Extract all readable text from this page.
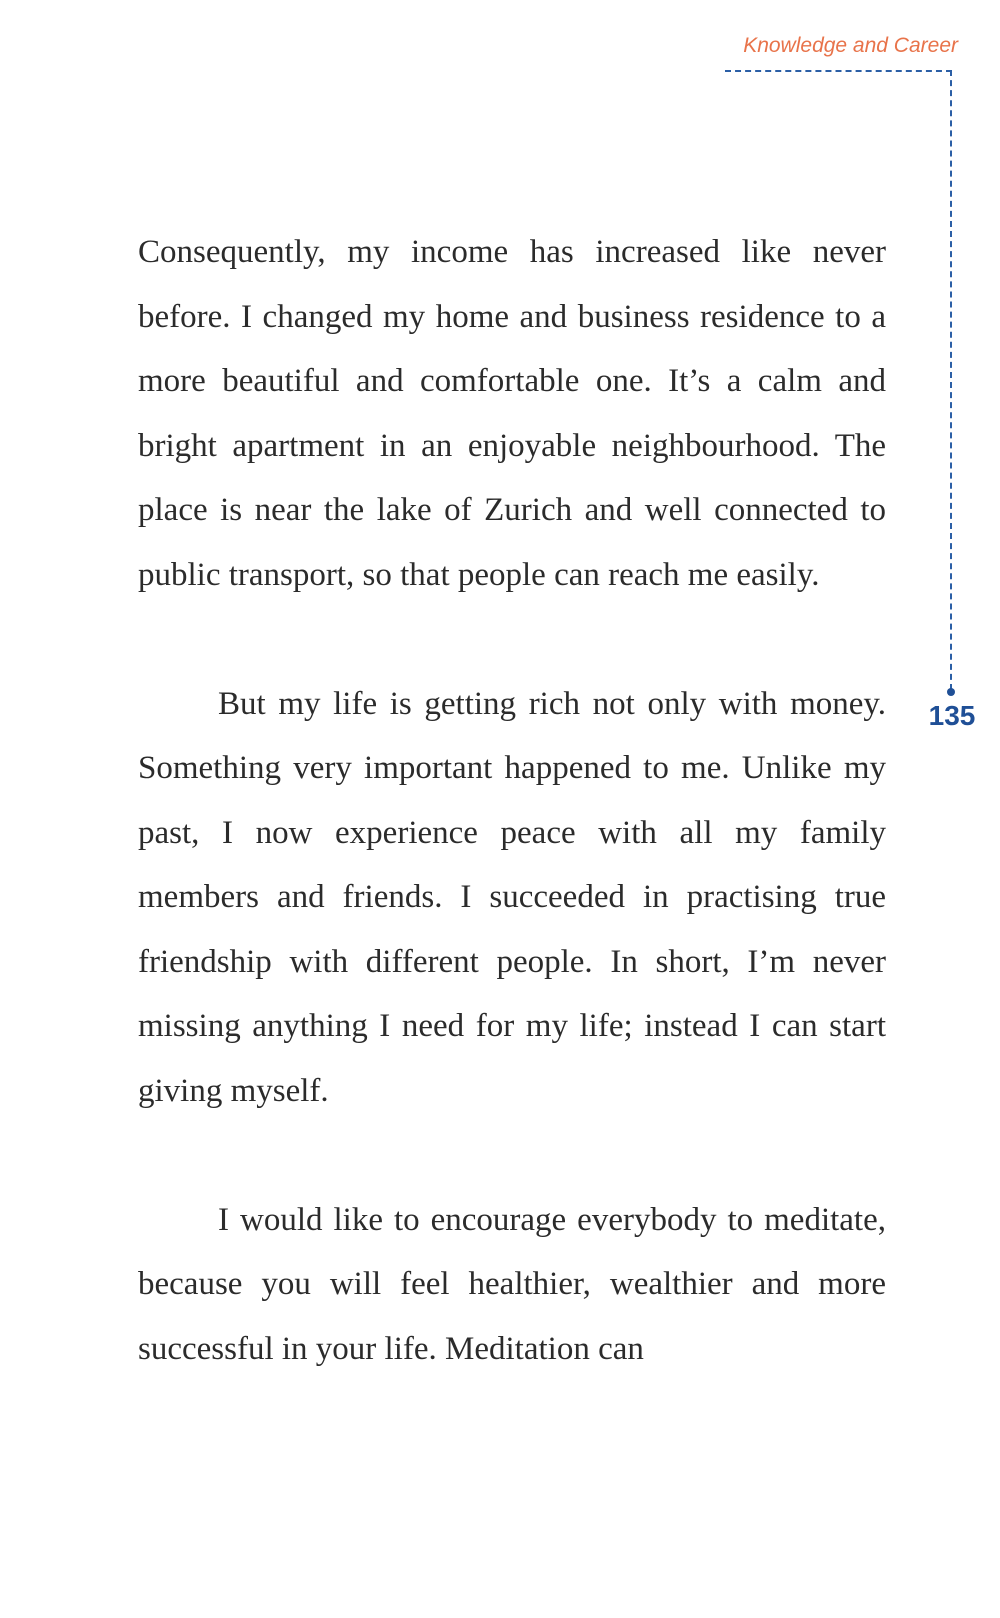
Knowledge and Career
135

Consequently, my income has increased like never before. I changed my home and business residence to a more beautiful and comfortable one. It’s a calm and bright apartment in an enjoyable neighbourhood. The place is near the lake of Zurich and well connected to public transport, so that people can reach me easily.

But my life is getting rich not only with money. Something very important happened to me. Unlike my past, I now experience peace with all my family members and friends. I succeeded in practising true friendship with different people. In short, I’m never missing anything I need for my life; instead I can start giving myself.

I would like to encourage everybody to meditate, because you will feel healthier, wealthier and more successful in your life. Meditation can
